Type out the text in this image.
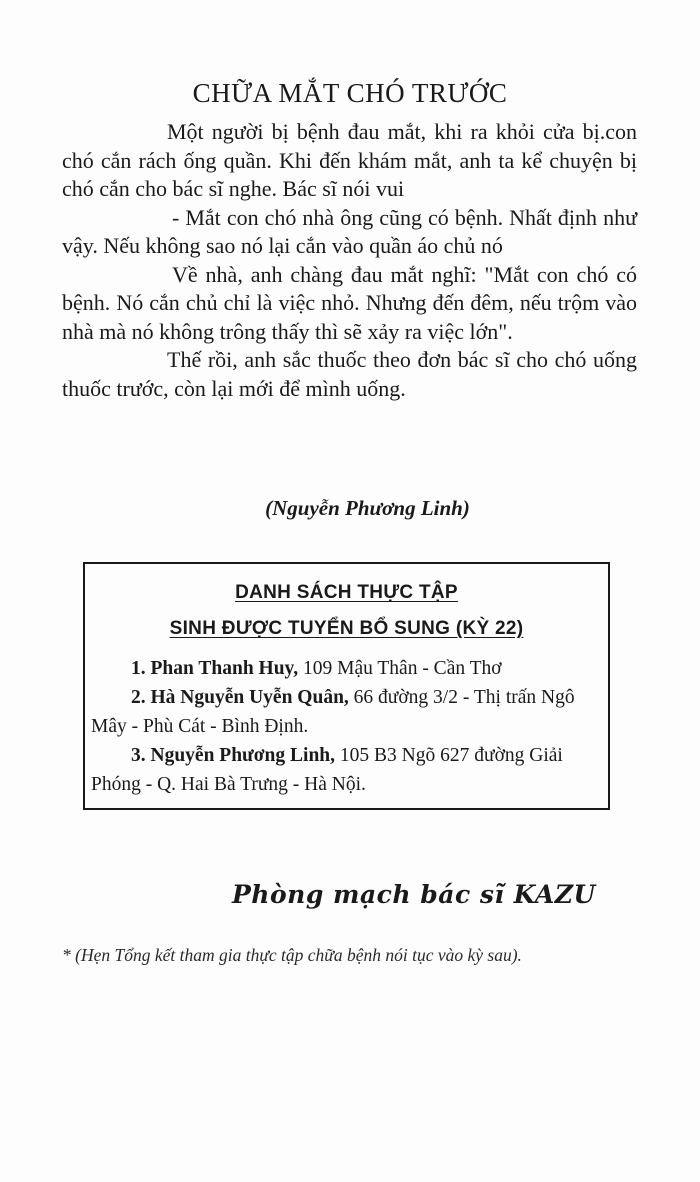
CHỮA MẮT CHÓ TRƯỚC

Một người bị bệnh đau mắt, khi ra khỏi cửa bị.con chó cắn rách ống quần. Khi đến khám mắt, anh ta kể chuyện bị chó cắn cho bác sĩ nghe. Bác sĩ nói vui

- Mắt con chó nhà ông cũng có bệnh. Nhất định như vậy. Nếu không sao nó lại cắn vào quần áo chủ nó

Về nhà, anh chàng đau mắt nghĩ: "Mắt con chó có bệnh. Nó cắn chủ chỉ là việc nhỏ. Nhưng đến đêm, nếu trộm vào nhà mà nó không trông thấy thì sẽ xảy ra việc lớn".

Thế rồi, anh sắc thuốc theo đơn bác sĩ cho chó uống thuốc trước, còn lại mới để mình uống.

(Nguyễn Phương Linh)
DANH SÁCH THỰC TẬP
SINH ĐƯỢC TUYỂN BỔ SUNG (KỲ 22)

1. Phan Thanh Huy, 109 Mậu Thân - Cần Thơ

2. Hà Nguyễn Uyễn Quân, 66 đường 3/2 - Thị trấn Ngô Mây - Phù Cát - Bình Định.

3. Nguyễn Phương Linh, 105 B3 Ngõ 627 đường Giải Phóng - Q. Hai Bà Trưng - Hà Nội.

Phòng mạch bác sĩ KAZU
* (Hẹn Tổng kết tham gia thực tập chữa bệnh nói tục vào kỳ sau).
